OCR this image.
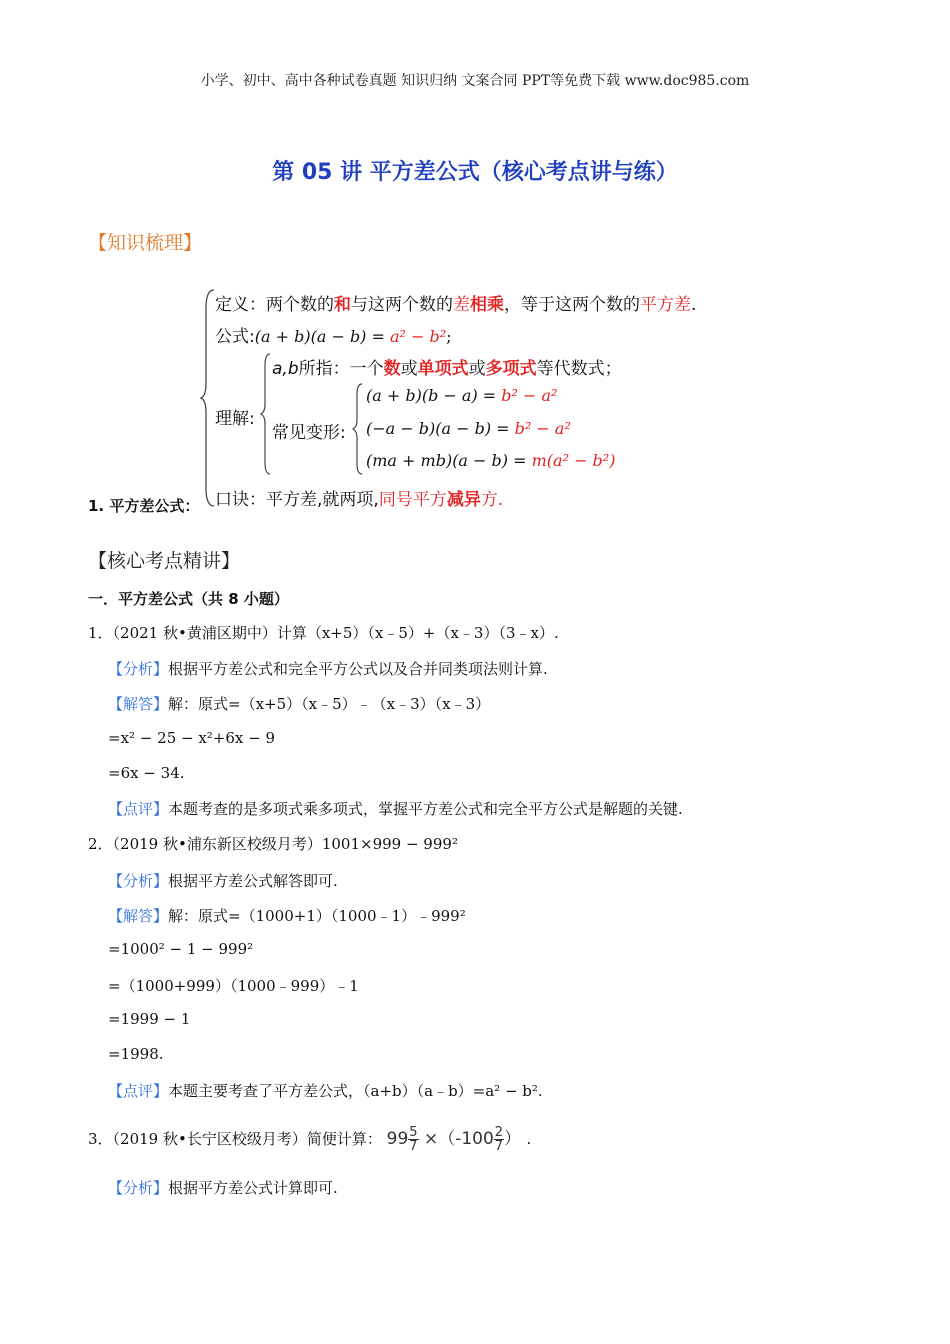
小学、初中、高中各种试卷真题 知识归纳 文案合同 PPT等免费下载 www.doc985.com
第 05 讲 平方差公式（核心考点讲与练）
【知识梳理】
1. 平方差公式：
定义：两个数的和与这两个数的差相乘，等于这两个数的平方差.
公式:(a + b)(a − b) = a² − b²;
理解:
a,b所指：一个数或单项式或多项式等代数式；
常见变形:
(a + b)(b − a) = b² − a²
(−a − b)(a − b) = b² − a²
(ma + mb)(a − b) = m(a² − b²)
口诀：平方差,就两项,同号平方减异方.
【核心考点精讲】
一．平方差公式（共 8 小题）
1．（2021 秋•黄浦区期中）计算（x+5）（x﹣5）+（x﹣3）（3﹣x）.
【分析】根据平方差公式和完全平方公式以及合并同类项法则计算.
【解答】解：原式=（x+5）（x﹣5）﹣（x﹣3）（x﹣3）
=x² − 25 − x²+6x − 9
=6x − 34.
【点评】本题考查的是多项式乘多项式，掌握平方差公式和完全平方公式是解题的关键.
2．（2019 秋•浦东新区校级月考）1001×999 − 999²
【分析】根据平方差公式解答即可.
【解答】解：原式=（1000+1）（1000﹣1）﹣999²
=1000² − 1 − 999²
=（1000+999）（1000﹣999）﹣1
=1999 − 1
=1998.
【点评】本题主要考查了平方差公式，（a+b）（a﹣b）=a² − b².
3．（2019 秋•长宁区校级月考）简便计算： $99 \frac{5}{7} \times(-100 \frac{2}{7}$ ） .
【分析】根据平方差公式计算即可.
